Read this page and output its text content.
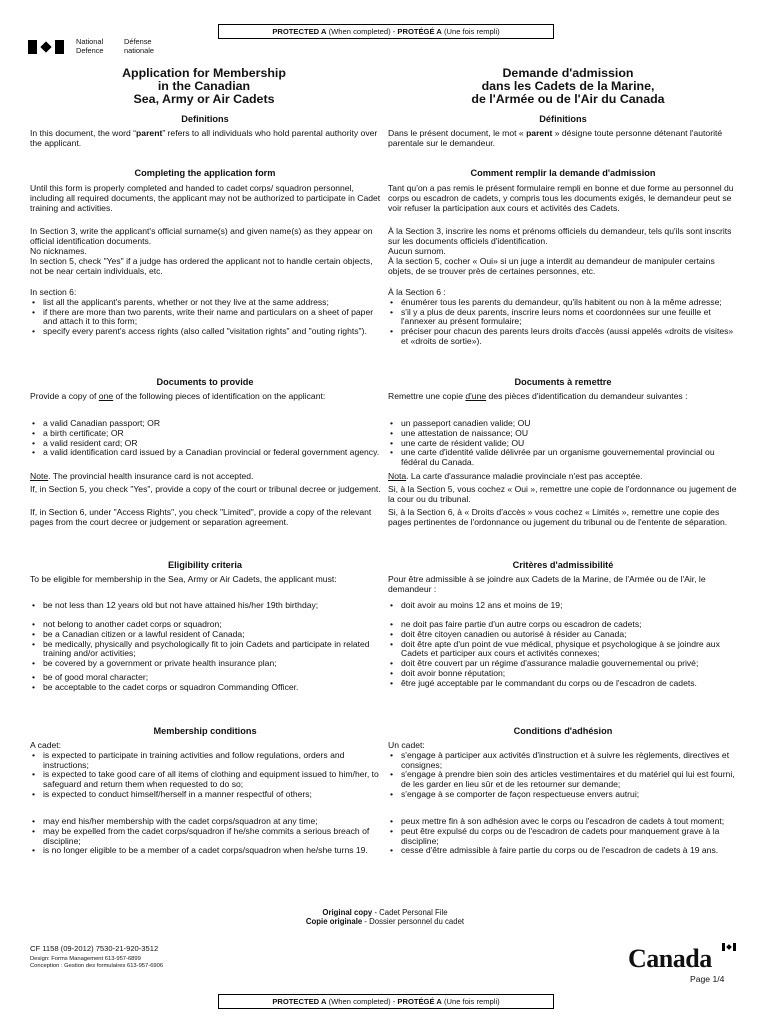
PROTECTED A (When completed) - PROTÉGÉ A (Une fois rempli)
National	Défense
Defence	nationale
Application for Membership
in the Canadian
Sea, Army or Air Cadets
Demande d'admission
dans les Cadets de la Marine,
de l'Armée ou de l'Air du Canada
Definitions	Définitions
In this document, the word “parent” refers to all individuals who hold parental authority over the applicant.
Dans le présent document, le mot « parent » désigne toute personne détenant l'autorité parentale sur le demandeur.
Completing the application form	Comment remplir la demande d'admission
Until this form is properly completed and handed to cadet corps/ squadron personnel, including all required documents, the applicant may not be authorized to participate in Cadet training and activities.

In Section 3, write the applicant's official surname(s) and given name(s) as they appear on official identification documents.

No nicknames.

In section 5, check "Yes" if a judge has ordered the applicant not to handle certain objects, not be near certain individuals, etc.

In section 6:

• list all the applicant's parents, whether or not they live at the same address;
• if there are more than two parents, write their name and particulars on a sheet of paper and attach it to this form;
• specify every parent's access rights (also called "visitation rights" and "outing rights").
Tant qu'on a pas remis le présent formulaire rempli en bonne et due forme au personnel du corps ou escadron de cadets, y compris tous les documents exigés, le demandeur peut se voir refuser la participation aux cours et activités des Cadets.

À la Section 3, inscrire les noms et prénoms officiels du demandeur, tels qu'ils sont inscrits sur les documents officiels d'identification.

Aucun surnom.

À la section 5, cocher « Oui» si un juge a interdit au demandeur de manipuler certains objets, de se trouver près de certaines personnes, etc.

À la Section 6 :

• énumérer tous les parents du demandeur, qu'ils habitent ou non à la même adresse;
• s'il y a plus de deux parents, inscrire leurs noms et coordonnées sur une feuille et l'annexer au présent formulaire;
• préciser pour chacun des parents leurs droits d'accès (aussi appelés «droits de visites» et «droits de sortie»).
Documents to provide	Documents à remettre
Provide a copy of one of the following pieces of identification on the applicant:
• a valid Canadian passport; OR
• a birth certificate; OR
• a valid resident card; OR
• a valid identification card issued by a Canadian provincial or federal government agency.
Note. The provincial health insurance card is not accepted.
If, in Section 5, you check "Yes", provide a copy of the court or tribunal decree or judgement.
If, in Section 6, under "Access Rights", you check "Limited", provide a copy of the relevant pages from the court decree or judgement or separation agreement.
Remettre une copie d'une des pièces d'identification du demandeur suivantes :
• un passeport canadien valide; OU
• une attestation de naissance; OU
• une carte de résident valide; OU
• une carte d'identité valide délivrée par un organisme gouvernemental provincial ou fédéral du Canada.
Nota. La carte d'assurance maladie provinciale n'est pas acceptée.
Si, à la Section 5, vous cochez « Oui », remettre une copie de l'ordonnance ou jugement de la cour ou du tribunal.
Si, à la Section 6, à « Droits d'accès » vous cochez « Limités », remettre une copie des pages pertinentes de l'ordonnance ou jugement du tribunal ou de l'entente de séparation.
Eligibility criteria	Critères d'admissibilité
To be eligible for membership in the Sea, Army or Air Cadets, the applicant must:
• be not less than 12 years old but not have attained his/her 19th birthday;
• not belong to another cadet corps or squadron;
• be a Canadian citizen or a lawful resident of Canada;
• be medically, physically and psychologically fit to join Cadets and participate in related training and/or activities;
• be covered by a government or private health insurance plan;
• be of good moral character;
• be acceptable to the cadet corps or squadron Commanding Officer.
Pour être admissible à se joindre aux Cadets de la Marine, de l'Armée ou de l'Air, le demandeur :
• doit avoir au moins 12 ans et moins de 19;
• ne doit pas faire partie d'un autre corps ou escadron de cadets;
• doit être citoyen canadien ou autorisé à résider au Canada;
• doit être apte d'un point de vue médical, physique et psychologique à se joindre aux Cadets et participer aux cours et activités connexes;
• doit être couvert par un régime d'assurance maladie gouvernemental ou privé;
• doit avoir bonne réputation;
• être jugé acceptable par le commandant du corps ou de l'escadron de cadets.
Membership conditions	Conditions d'adhésion

A cadet:

• is expected to participate in training activities and follow regulations, orders and instructions;
• is expected to take good care of all items of clothing and equipment issued to him/her, to safeguard and return them when requested to do so;
• is expected to conduct himself/herself in a manner respectful of others;
• may end his/her membership with the cadet corps/squadron at any time;
• may be expelled from the cadet corps/squadron if he/she commits a serious breach of discipline;
• is no longer eligible to be a member of a cadet corps/squadron when he/she turns 19.

Un cadet:

• s'engage à participer aux activités d'instruction et à suivre les règlements, directives et consignes;
• s'engage à prendre bien soin des articles vestimentaires et du matériel qui lui est fourni, de les garder en lieu sûr et de les retourner sur demande;
• s'engage à se comporter de façon respectueuse envers autrui;
• peux mettre fin à son adhésion avec le corps ou l'escadron de cadets à tout moment;
• peut être expulsé du corps ou de l'escadron de cadets pour manquement grave à la discipline;
• cesse d'être admissible à faire partie du corps ou de l'escadron de cadets à 19 ans.
Original copy - Cadet Personal File
Copie originale - Dossier personnel du cadet
CF 1158 (09-2012) 7530-21-920-3512
Design: Forms Management 613-957-6899
Conception : Gestion des formulaires 613-957-6906	Canada
Page 1/4
PROTECTED A (When completed) - PROTÉGÉ A (Une fois rempli)
